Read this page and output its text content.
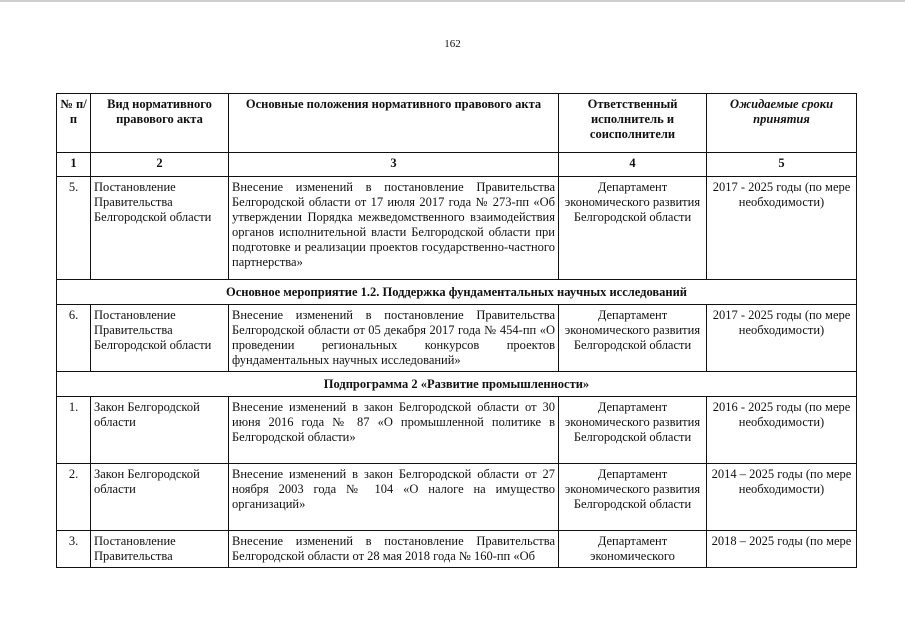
162
№ п/п	Вид нормативного правового акта	Основные положения нормативного правового акта	Ответственный исполнитель и соисполнители	Ожидаемые сроки принятия
1	2	3	4	5
5.	Постановление Правительства Белгородской области	Внесение изменений в постановление Правительства Белгородской области от 17 июля 2017 года № 273-пп «Об утверждении Порядка межведомственного взаимодействия органов исполнительной власти Белгородской области при подготовке и реализации проектов государственно-частного партнерства»	Департамент экономического развития Белгородской области	2017 - 2025 годы (по мере необходимости)
Основное мероприятие 1.2. Поддержка фундаментальных научных исследований				
6.	Постановление Правительства Белгородской области	Внесение изменений в постановление Правительства Белгородской области от 05 декабря 2017 года № 454-пп «О проведении региональных конкурсов проектов фундаментальных научных исследований»	Департамент экономического развития Белгородской области	2017 - 2025 годы (по мере необходимости)
Подпрограмма 2 «Развитие промышленности»				
1.	Закон Белгородской области	Внесение изменений в закон Белгородской области от 30 июня 2016 года № 87 «О промышленной политике в Белгородской области»	Департамент экономического развития Белгородской области	2016 - 2025 годы (по мере необходимости)
2.	Закон Белгородской области	Внесение изменений в закон Белгородской области от 27 ноября 2003 года № 104 «О налоге на имущество организаций»	Департамент экономического развития Белгородской области	2014 – 2025 годы (по мере необходимости)
3.	Постановление Правительства	Внесение изменений в постановление Правительства Белгородской области от 28 мая 2018 года № 160-пп «Об	Департамент экономического	2018 – 2025 годы (по мере
